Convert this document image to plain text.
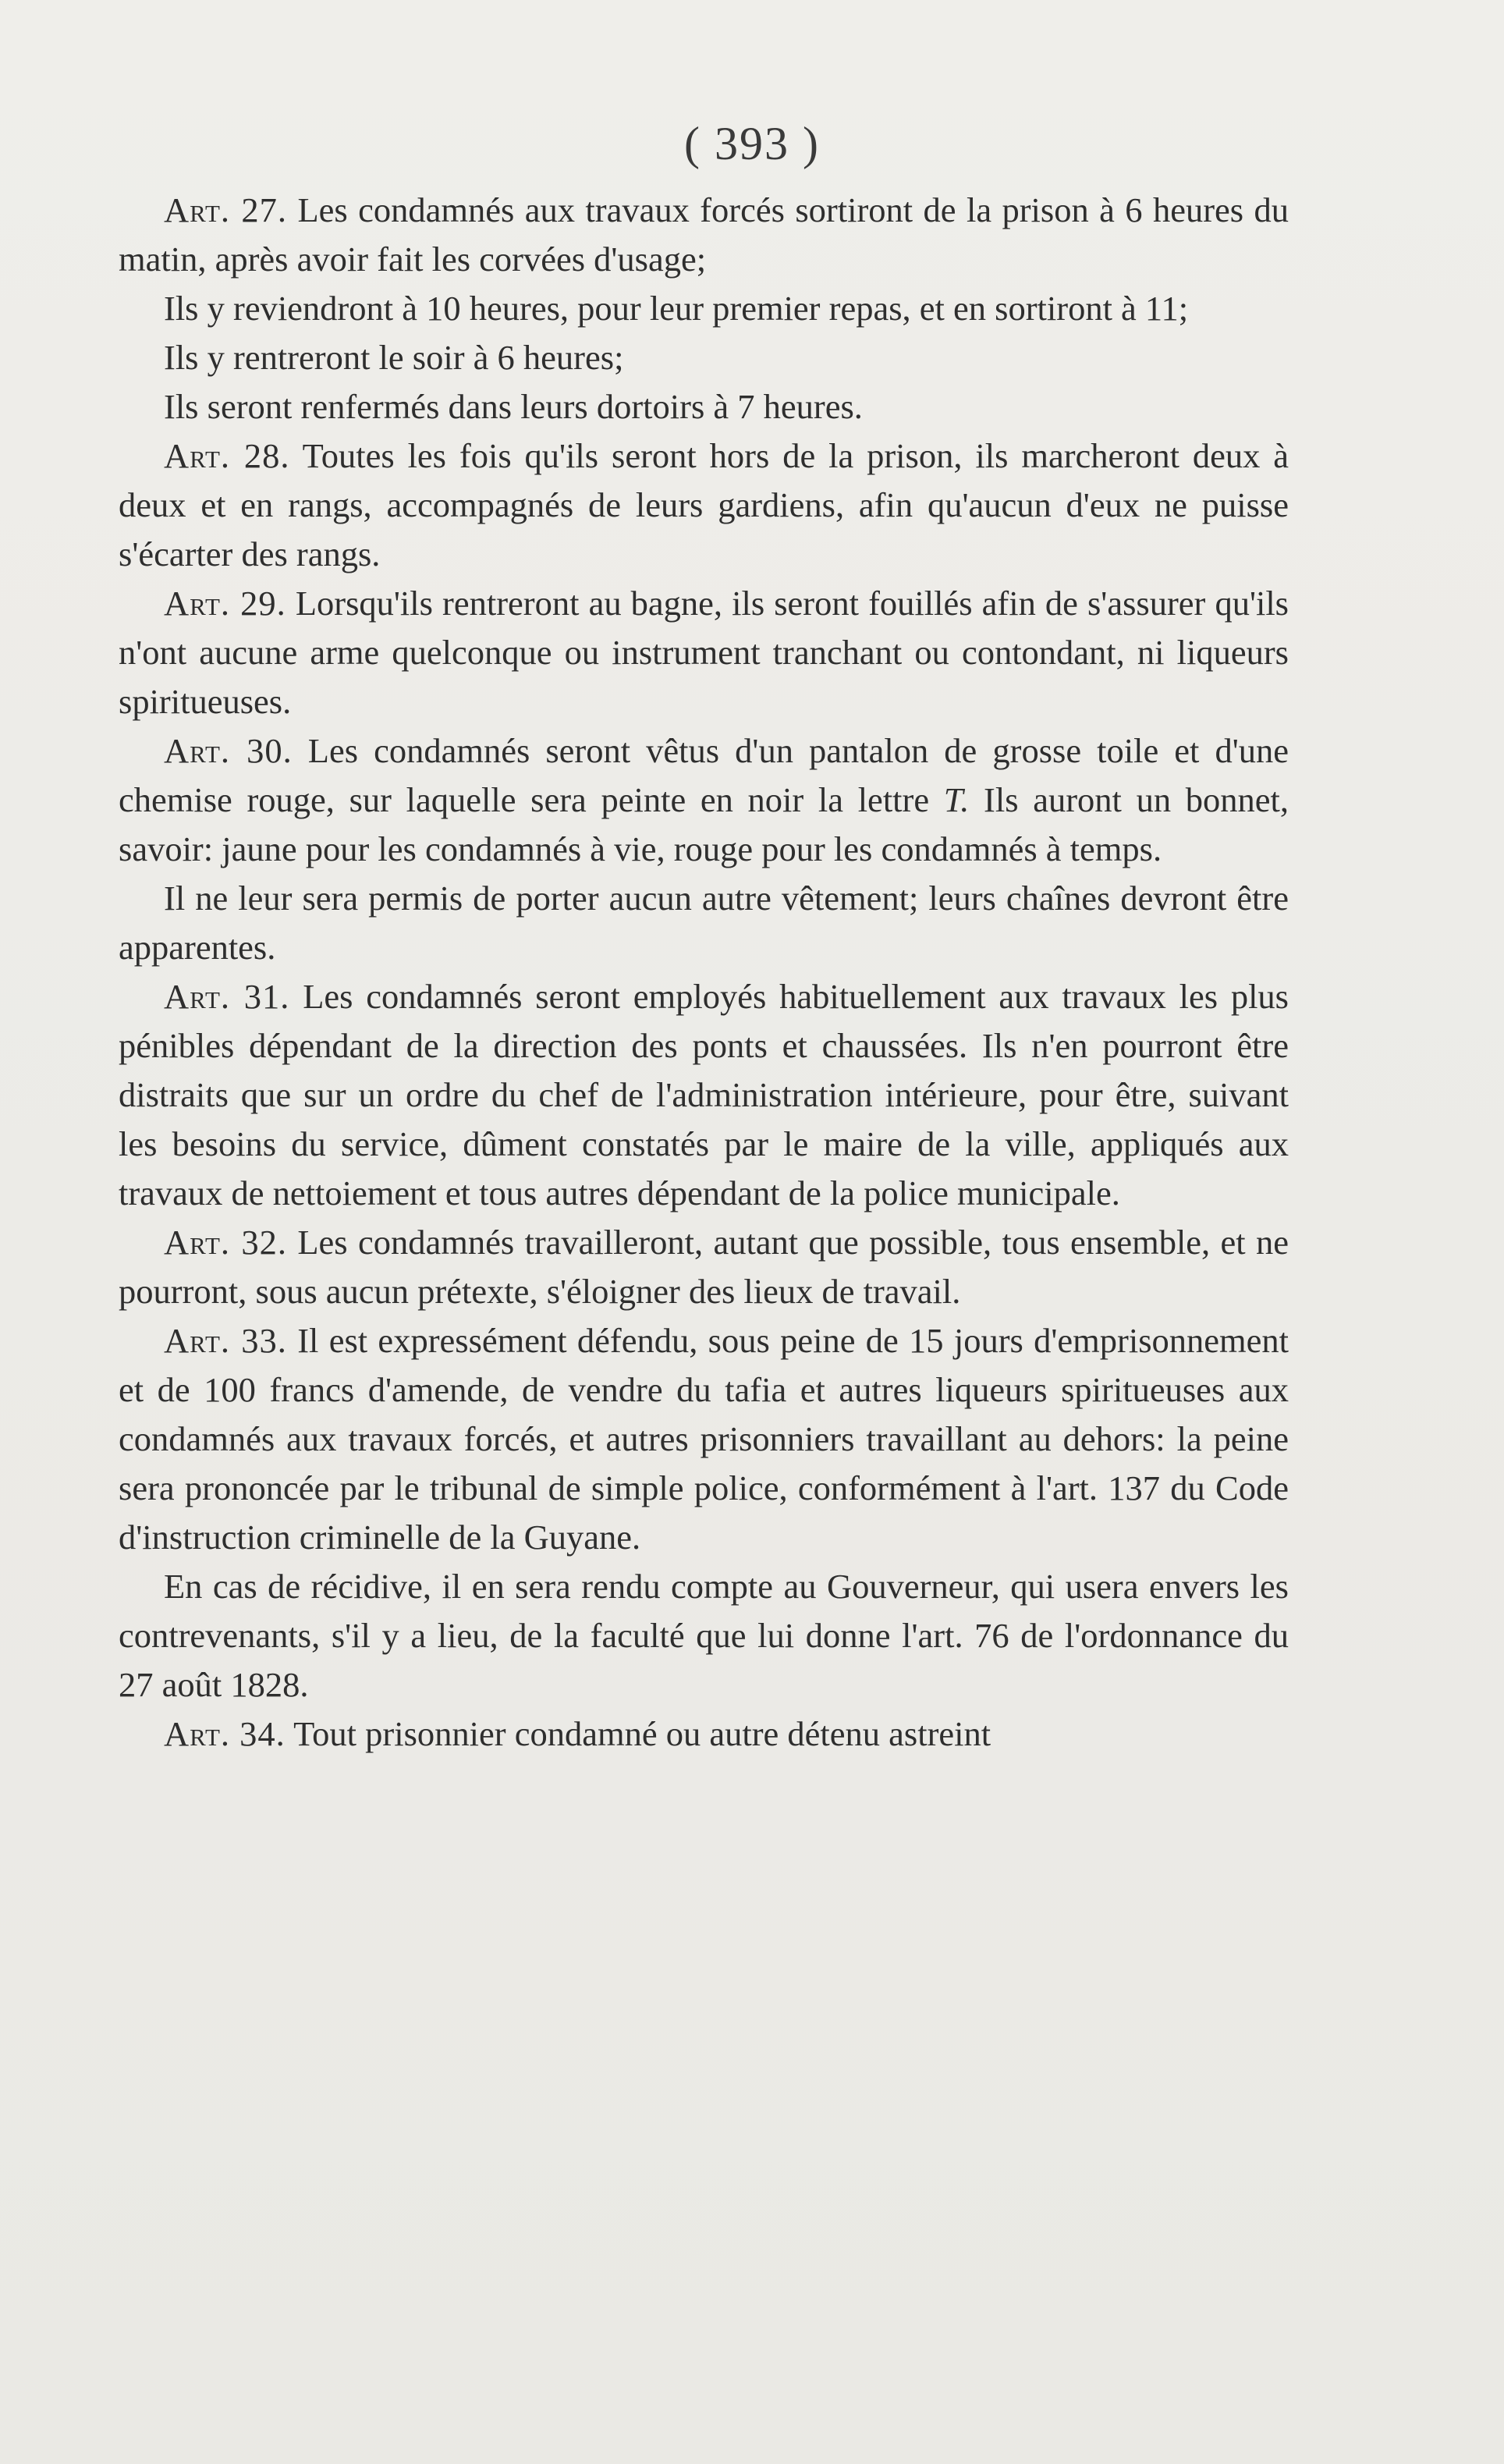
( 393 )

Art. 27. Les condamnés aux travaux forcés sortiront de la prison à 6 heures du matin, après avoir fait les corvées d'usage;

Ils y reviendront à 10 heures, pour leur premier repas, et en sortiront à 11;

Ils y rentreront le soir à 6 heures;

Ils seront renfermés dans leurs dortoirs à 7 heures.

Art. 28. Toutes les fois qu'ils seront hors de la prison, ils marcheront deux à deux et en rangs, accompagnés de leurs gardiens, afin qu'aucun d'eux ne puisse s'écarter des rangs.

Art. 29. Lorsqu'ils rentreront au bagne, ils seront fouillés afin de s'assurer qu'ils n'ont aucune arme quelconque ou instrument tranchant ou contondant, ni liqueurs spiritueuses.

Art. 30. Les condamnés seront vêtus d'un pantalon de grosse toile et d'une chemise rouge, sur laquelle sera peinte en noir la lettre T. Ils auront un bonnet, savoir: jaune pour les condamnés à vie, rouge pour les condamnés à temps.

Il ne leur sera permis de porter aucun autre vêtement; leurs chaînes devront être apparentes.

Art. 31. Les condamnés seront employés habituellement aux travaux les plus pénibles dépendant de la direction des ponts et chaussées. Ils n'en pourront être distraits que sur un ordre du chef de l'administration intérieure, pour être, suivant les besoins du service, dûment constatés par le maire de la ville, appliqués aux travaux de nettoiement et tous autres dépendant de la police municipale.

Art. 32. Les condamnés travailleront, autant que possible, tous ensemble, et ne pourront, sous aucun prétexte, s'éloigner des lieux de travail.

Art. 33. Il est expressément défendu, sous peine de 15 jours d'emprisonnement et de 100 francs d'amende, de vendre du tafia et autres liqueurs spiritueuses aux condamnés aux travaux forcés, et autres prisonniers travaillant au dehors: la peine sera prononcée par le tribunal de simple police, conformément à l'art. 137 du Code d'instruction criminelle de la Guyane.

En cas de récidive, il en sera rendu compte au Gouverneur, qui usera envers les contrevenants, s'il y a lieu, de la faculté que lui donne l'art. 76 de l'ordonnance du 27 août 1828.

Art. 34. Tout prisonnier condamné ou autre détenu astreint
